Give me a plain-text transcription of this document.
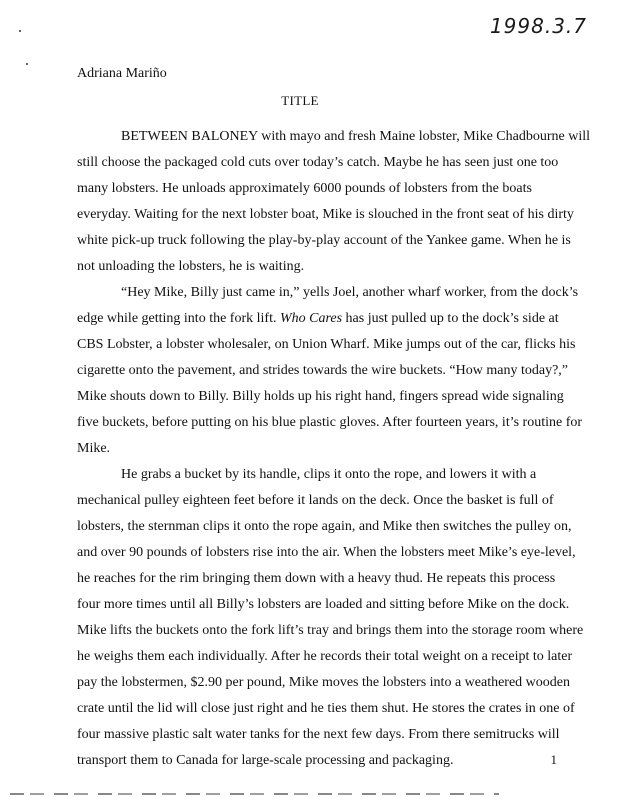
1998.3.7
Adriana Mariño
TITLE
BETWEEN BALONEY with mayo and fresh Maine lobster, Mike Chadbourne will
still choose the packaged cold cuts over today’s catch. Maybe he has seen just one too
many lobsters. He unloads approximately 6000 pounds of lobsters from the boats
everyday. Waiting for the next lobster boat, Mike is slouched in the front seat of his dirty
white pick-up truck following the play-by-play account of the Yankee game. When he is
not unloading the lobsters, he is waiting.
“Hey Mike, Billy just came in,” yells Joel, another wharf worker, from the dock’s
edge while getting into the fork lift. Who Cares has just pulled up to the dock’s side at
CBS Lobster, a lobster wholesaler, on Union Wharf. Mike jumps out of the car, flicks his
cigarette onto the pavement, and strides towards the wire buckets. “How many today?,”
Mike shouts down to Billy. Billy holds up his right hand, fingers spread wide signaling
five buckets, before putting on his blue plastic gloves. After fourteen years, it’s routine for
Mike.
He grabs a bucket by its handle, clips it onto the rope, and lowers it with a
mechanical pulley eighteen feet before it lands on the deck. Once the basket is full of
lobsters, the sternman clips it onto the rope again, and Mike then switches the pulley on,
and over 90 pounds of lobsters rise into the air. When the lobsters meet Mike’s eye-level,
he reaches for the rim bringing them down with a heavy thud. He repeats this process
four more times until all Billy’s lobsters are loaded and sitting before Mike on the dock.
Mike lifts the buckets onto the fork lift’s tray and brings them into the storage room where
he weighs them each individually. After he records their total weight on a receipt to later
pay the lobstermen, $2.90 per pound, Mike moves the lobsters into a weathered wooden
crate until the lid will close just right and he ties them shut. He stores the crates in one of
four massive plastic salt water tanks for the next few days. From there semitrucks will
transport them to Canada for large-scale processing and packaging.	1
